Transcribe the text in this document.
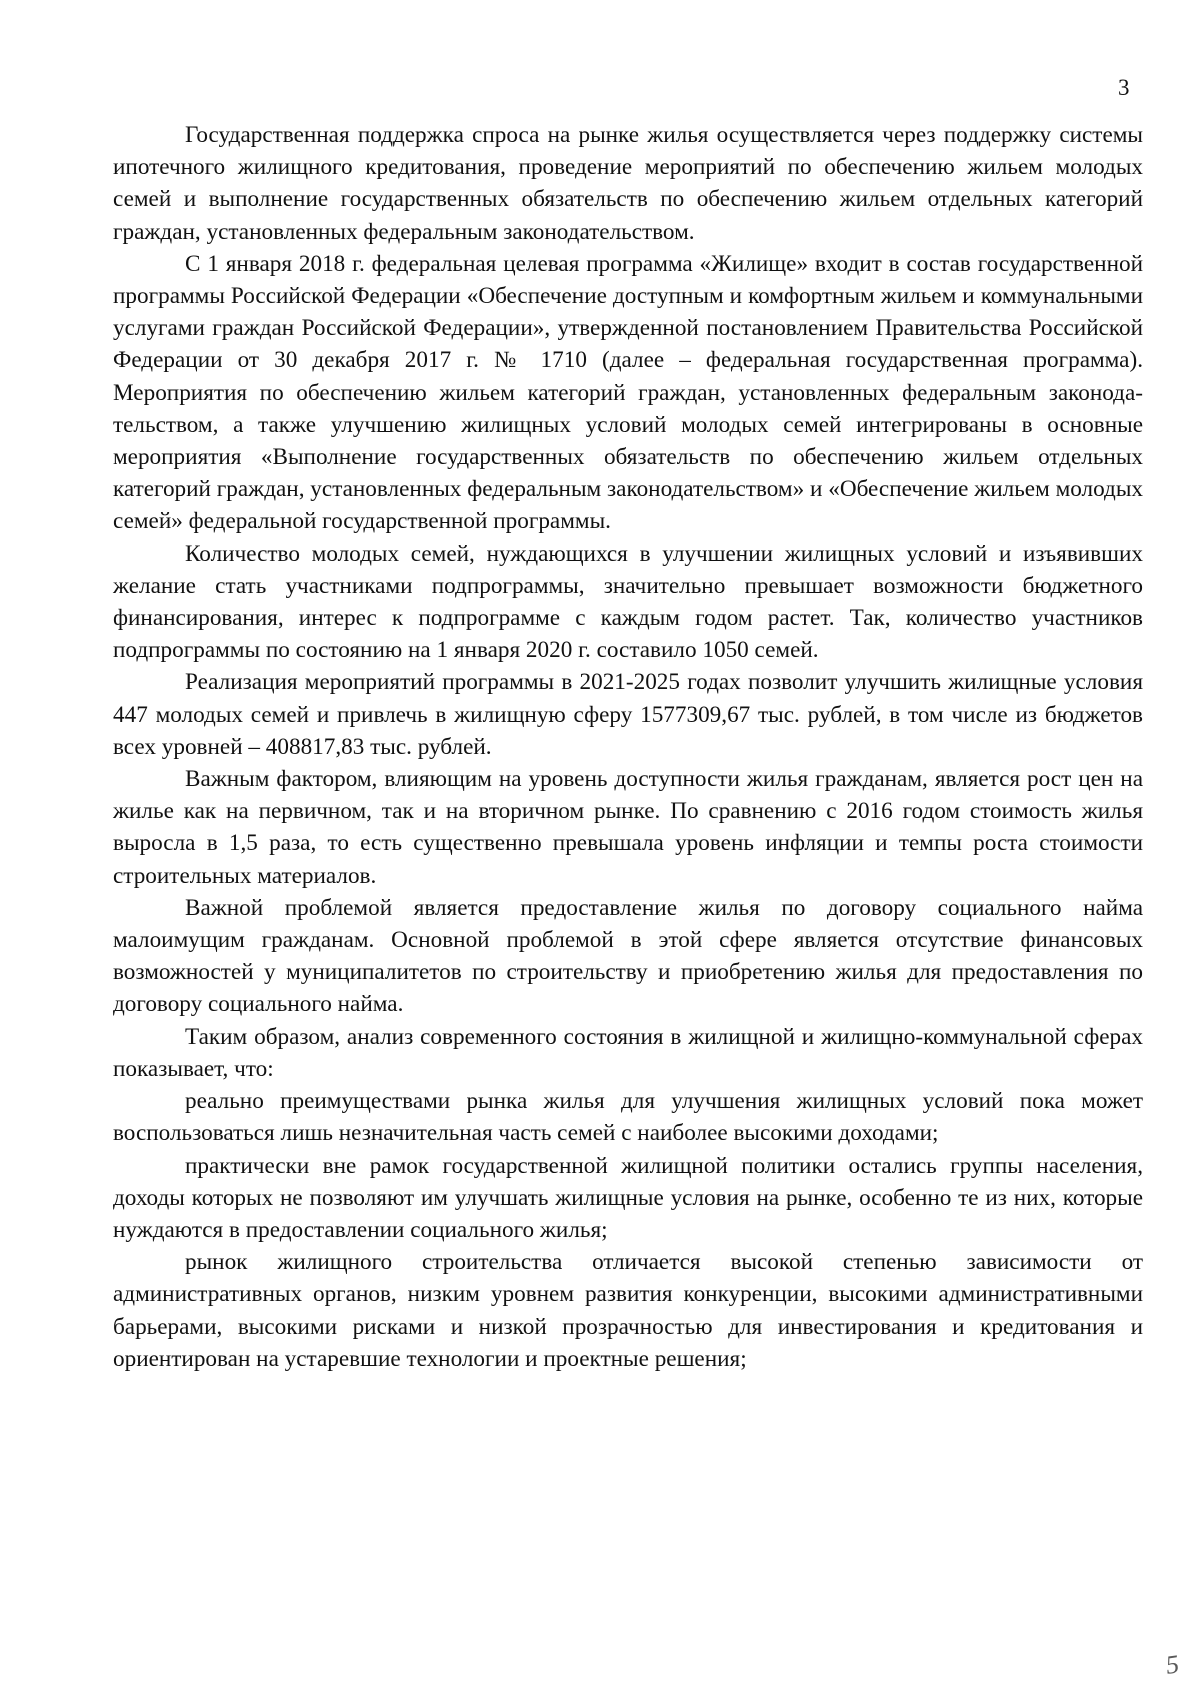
3

Государственная поддержка спроса на рынке жилья осуществляется через поддержку системы ипотечного жилищного кредитования, проведение мероприятий по обеспечению жильем молодых семей и выполнение государственных обязательств по обеспечению жильем отдельных категорий граждан, установленных федеральным законодательством.

С 1 января 2018 г. федеральная целевая программа «Жилище» входит в состав государственной программы Российской Федерации «Обеспечение доступным и комфортным жильем и коммунальными услугами граждан Российской Федерации», утвержденной постановлением Правительства Российской Федерации от 30 декабря 2017 г. № 1710 (далее – федеральная государственная программа). Мероприятия по обеспечению жильем категорий граждан, установленных федеральным законодательством, а также улучшению жилищных условий молодых семей интегрированы в основные мероприятия «Выполнение государственных обязательств по обеспечению жильем отдельных категорий граждан, установленных федеральным законодательством» и «Обеспечение жильем молодых семей» федеральной государственной программы.

Количество молодых семей, нуждающихся в улучшении жилищных условий и изъявивших желание стать участниками подпрограммы, значительно превышает возможности бюджетного финансирования, интерес к подпрограмме с каждым годом растет. Так, количество участников подпрограммы по состоянию на 1 января 2020 г. составило 1050 семей.

Реализация мероприятий программы в 2021-2025 годах позволит улучшить жилищные условия 447 молодых семей и привлечь в жилищную сферу 1577309,67 тыс. рублей, в том числе из бюджетов всех уровней – 408817,83 тыс. рублей.

Важным фактором, влияющим на уровень доступности жилья гражданам, является рост цен на жилье как на первичном, так и на вторичном рынке. По сравнению с 2016 годом стоимость жилья выросла в 1,5 раза, то есть существенно превышала уровень инфляции и темпы роста стоимости строительных материалов.

Важной проблемой является предоставление жилья по договору социального найма малоимущим гражданам. Основной проблемой в этой сфере является отсутствие финансовых возможностей у муниципалитетов по строительству и приобретению жилья для предоставления по договору социального найма.

Таким образом, анализ современного состояния в жилищной и жилищно-коммунальной сферах показывает, что:

реально преимуществами рынка жилья для улучшения жилищных условий пока может воспользоваться лишь незначительная часть семей с наиболее высокими доходами;

практически вне рамок государственной жилищной политики остались группы населения, доходы которых не позволяют им улучшать жилищные условия на рынке, особенно те из них, которые нуждаются в предоставлении социального жилья;

рынок жилищного строительства отличается высокой степенью зависимости от административных органов, низким уровнем развития конкуренции, высокими административными барьерами, высокими рисками и низкой прозрачностью для инвестирования и кредитования и ориентирован на устаревшие технологии и проектные решения;

5
